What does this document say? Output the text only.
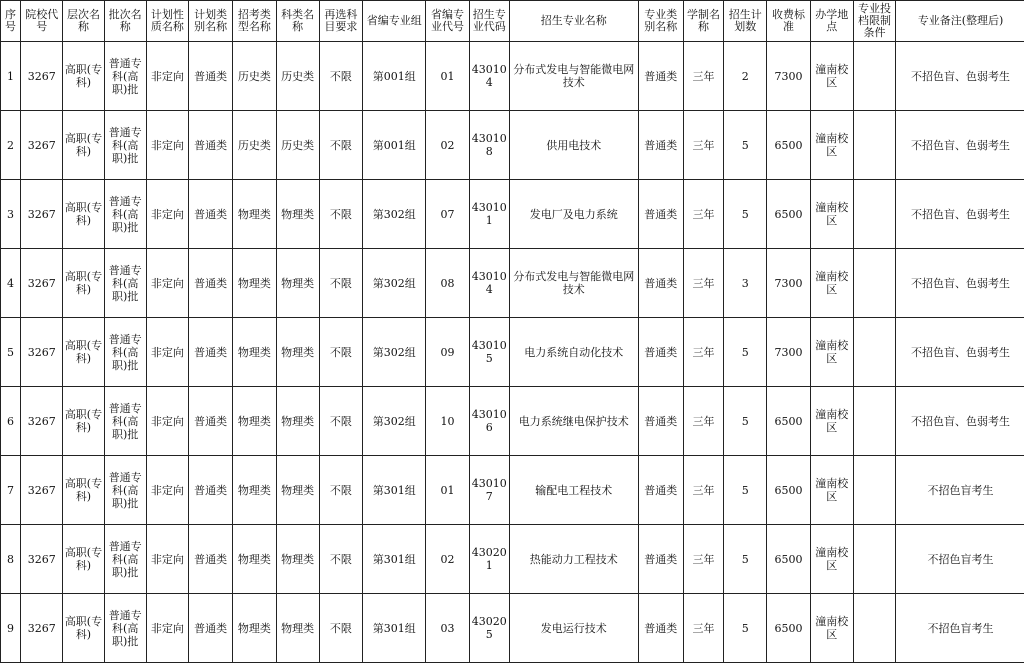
序号	院校代号	层次名称	批次名称	计划性质名称	计划类别名称	招考类型名称	科类名称	再选科目要求	省编专业组	省编专业代号	招生专业代码	招生专业名称	专业类别名称	学制名称	招生计划数	收费标准	办学地点	专业投档限制条件	专业备注(整理后)
1	3267	高职(专科)	普通专科(高职)批	非定向	普通类	历史类	历史类	不限	第001组	01	430104	分布式发电与智能微电网技术	普通类	三年	2	7300	潼南校区		不招色盲、色弱考生
2	3267	高职(专科)	普通专科(高职)批	非定向	普通类	历史类	历史类	不限	第001组	02	430108	供用电技术	普通类	三年	5	6500	潼南校区		不招色盲、色弱考生
3	3267	高职(专科)	普通专科(高职)批	非定向	普通类	物理类	物理类	不限	第302组	07	430101	发电厂及电力系统	普通类	三年	5	6500	潼南校区		不招色盲、色弱考生
4	3267	高职(专科)	普通专科(高职)批	非定向	普通类	物理类	物理类	不限	第302组	08	430104	分布式发电与智能微电网技术	普通类	三年	3	7300	潼南校区		不招色盲、色弱考生
5	3267	高职(专科)	普通专科(高职)批	非定向	普通类	物理类	物理类	不限	第302组	09	430105	电力系统自动化技术	普通类	三年	5	7300	潼南校区		不招色盲、色弱考生
6	3267	高职(专科)	普通专科(高职)批	非定向	普通类	物理类	物理类	不限	第302组	10	430106	电力系统继电保护技术	普通类	三年	5	6500	潼南校区		不招色盲、色弱考生
7	3267	高职(专科)	普通专科(高职)批	非定向	普通类	物理类	物理类	不限	第301组	01	430107	输配电工程技术	普通类	三年	5	6500	潼南校区		不招色盲考生
8	3267	高职(专科)	普通专科(高职)批	非定向	普通类	物理类	物理类	不限	第301组	02	430201	热能动力工程技术	普通类	三年	5	6500	潼南校区		不招色盲考生
9	3267	高职(专科)	普通专科(高职)批	非定向	普通类	物理类	物理类	不限	第301组	03	430205	发电运行技术	普通类	三年	5	6500	潼南校区		不招色盲考生
